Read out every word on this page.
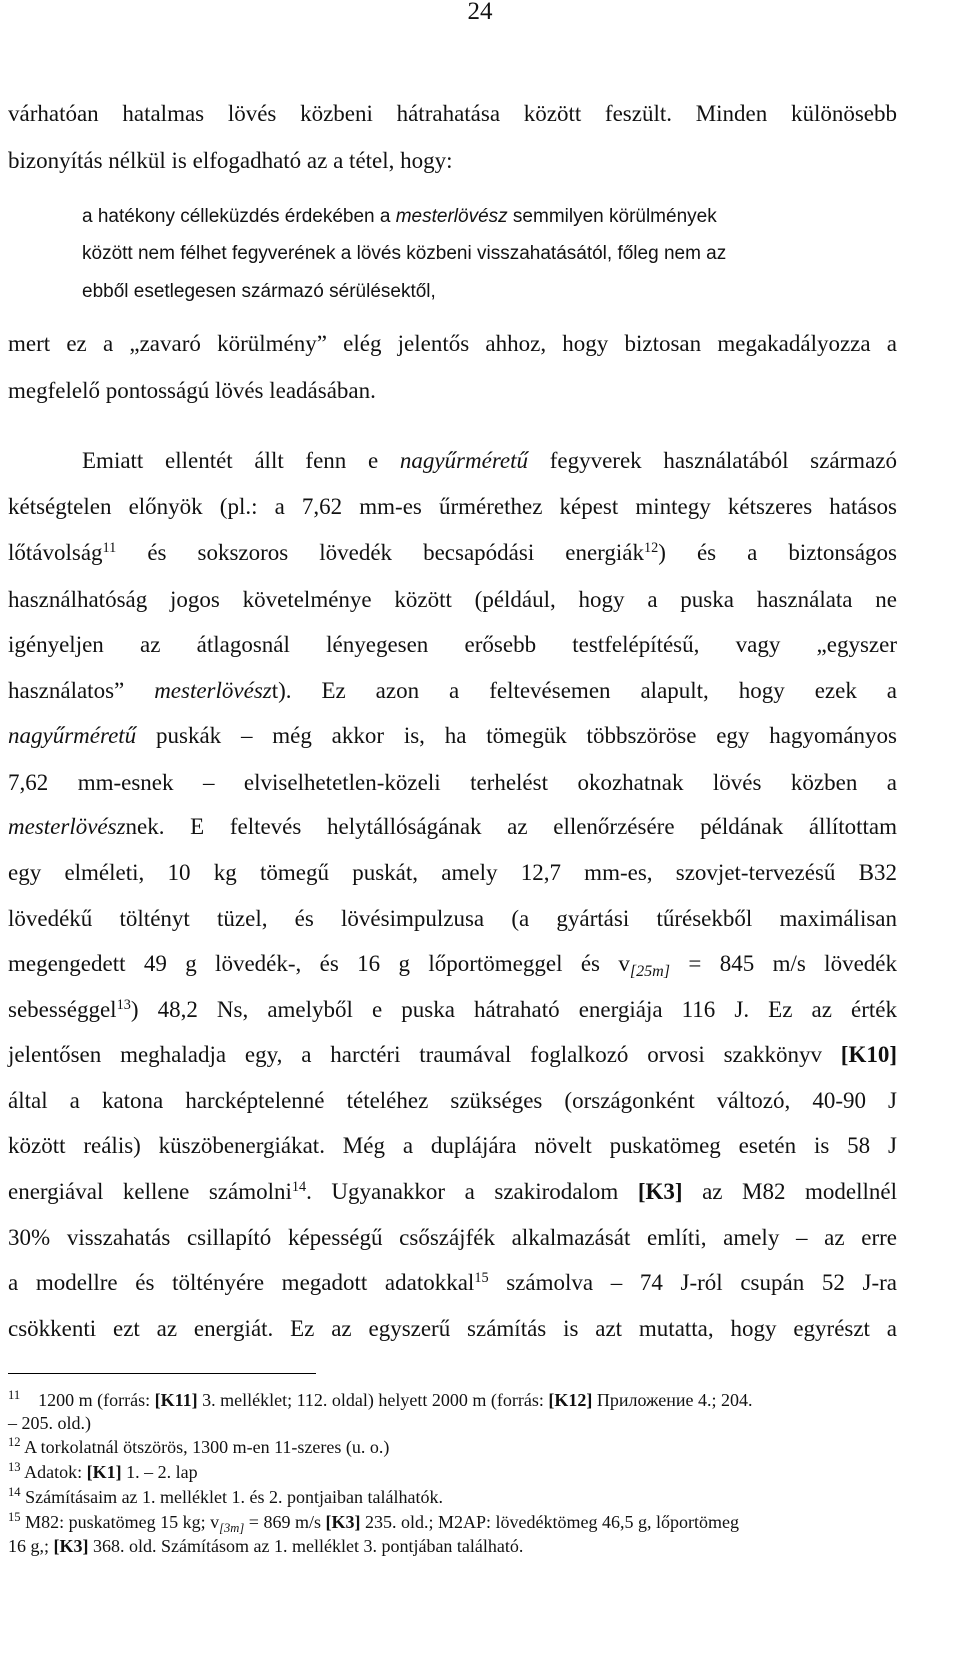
24
várhatóan hatalmas lövés közbeni hátrahatása között feszült. Minden különösebb
bizonyítás nélkül is elfogadható az a tétel, hogy:
a hatékony célleküzdés érdekében a mesterlövész semmilyen körülmények
között nem félhet fegyverének a lövés közbeni visszahatásától, főleg nem az
ebből esetlegesen származó sérülésektől,
mert ez a „zavaró körülmény” elég jelentős ahhoz, hogy biztosan megakadályozza a
megfelelő pontosságú lövés leadásában.
Emiatt ellentét állt fenn e nagyűrméretű fegyverek használatából származó
kétségtelen előnyök (pl.: a 7,62 mm-es űrmérethez képest mintegy kétszeres hatásos
lőtávolság$^{11}$ és sokszoros lövedék becsapódási energiák$^{12}$) és a biztonságos
használhatóság jogos követelménye között (például, hogy a puska használata ne
igényeljen az átlagosnál lényegesen erősebb testfelépítésű, vagy „egyszer
használatos” mesterlövészt). Ez azon a feltevésemen alapult, hogy ezek a
nagyűrméretű puskák – még akkor is, ha tömegük többszöröse egy hagyományos
7,62 mm-esnek – elviselhetetlen-közeli terhelést okozhatnak lövés közben a
mesterlövésznek. E feltevés helytállóságának az ellenőrzésére példának állítottam
egy elméleti, 10 kg tömegű puskát, amely 12,7 mm-es, szovjet-tervezésű B32
lövedékű töltényt tüzel, és lövésimpulzusa (a gyártási tűrésekből maximálisan
megengedett 49 g lövedék-, és 16 g lőportömeggel és $v_{[25m]} = 845$ m/s lövedék
sebességgel$^{13}$) 48,2 Ns, amelyből e puska hátraható energiája 116 J. Ez az érték
jelentősen meghaladja egy, a harctéri traumával foglalkozó orvosi szakkönyv [K10]
által a katona harcképtelenné tételéhez szükséges (országonként változó, 40-90 J
között reális) küszöbenergiákat. Még a duplájára növelt puskatömeg esetén is 58 J
energiával kellene számolni$^{14}$. Ugyanakkor a szakirodalom [K3] az M82 modellnél
30% visszahatás csillapító képességű csőszájfék alkalmazását említi, amely – az erre
a modellre és töltényére megadott adatokkal$^{15}$ számolva – 74 J-ról csupán 52 J-ra
csökkenti ezt az energiát. Ez az egyszerű számítás is azt mutatta, hogy egyrészt a
$^{11}$ 1200 m (forrás: [K11] 3. melléklet; 112. oldal) helyett 2000 m (forrás: [K12] Приложение 4.; 204.
– 205. old.)
$^{12}$ A torkolatnál ötszörös, 1300 m-en 11-szeres (u. o.)
$^{13}$ Adatok: [K1] 1. – 2. lap
$^{14}$ Számításaim az 1. melléklet 1. és 2. pontjaiban találhatók.
$^{15}$ M82: puskatömeg 15 kg; $v_{[3m]} = 869$ m/s [K3] 235. old.; M2AP: lövedéktömeg 46,5 g, lőportömeg
16 g,; [K3] 368. old. Számításom az 1. melléklet 3. pontjában található.
